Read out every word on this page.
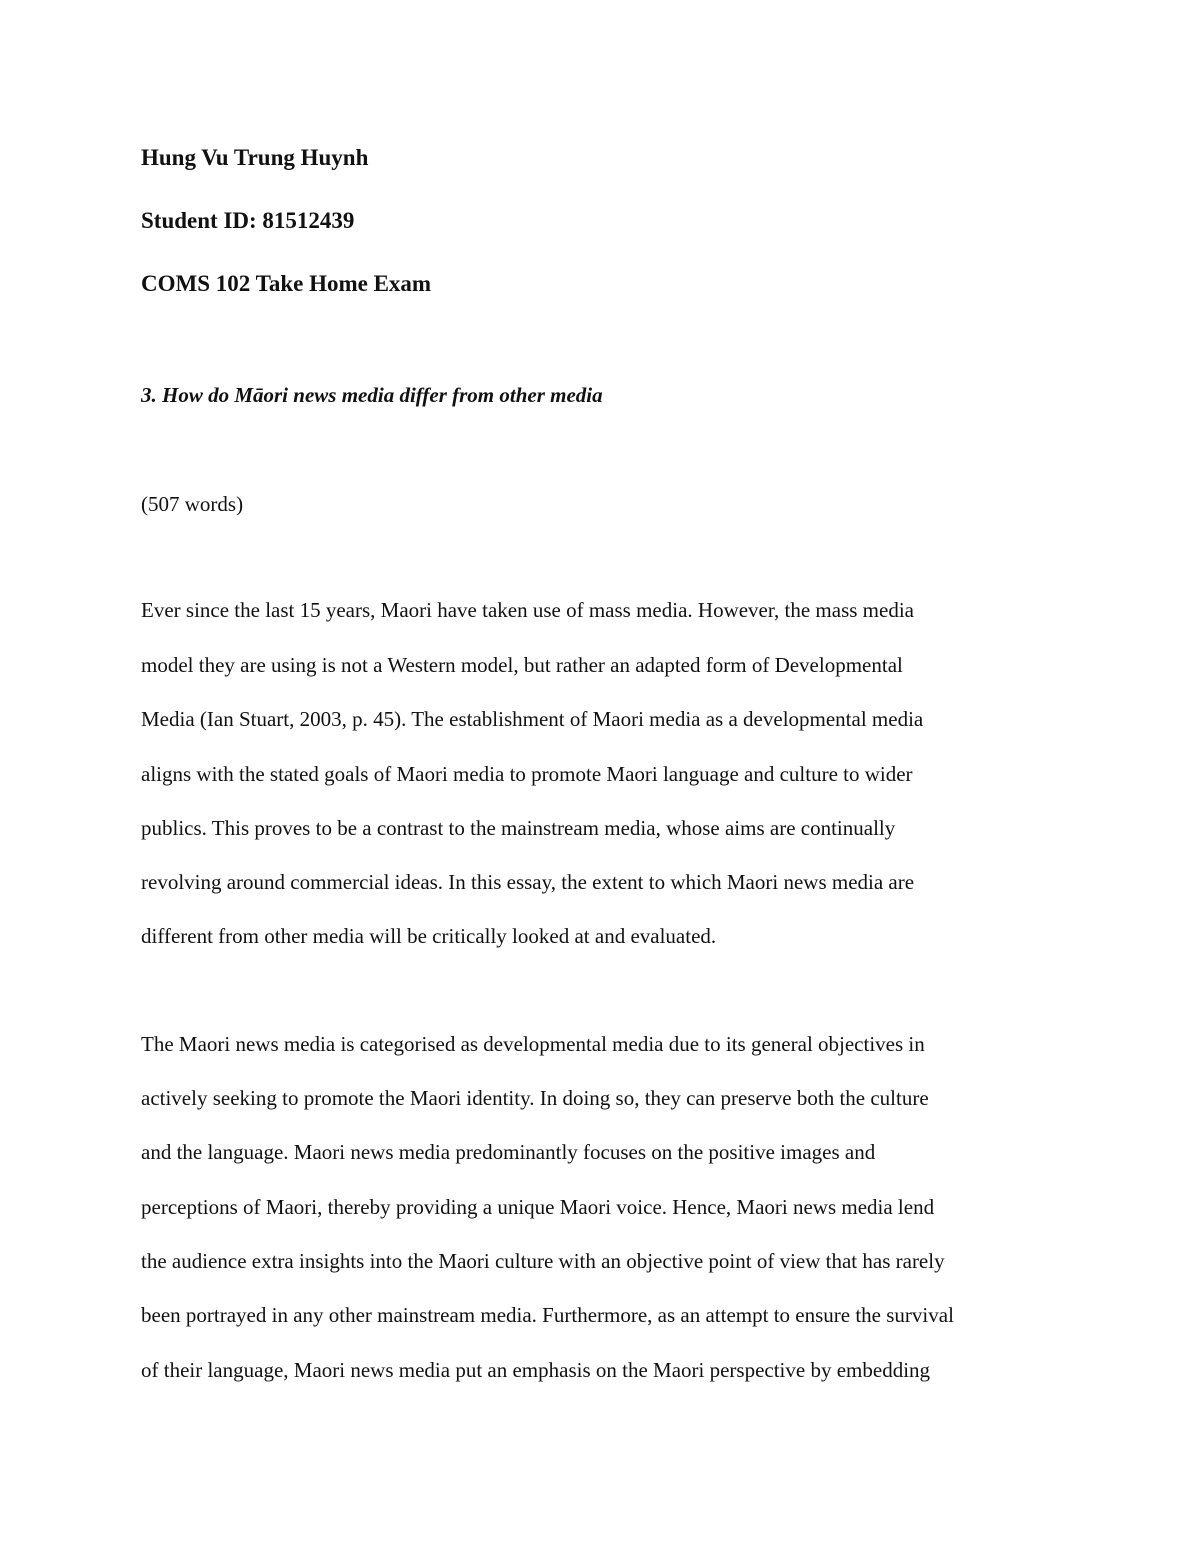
Hung Vu Trung Huynh
Student ID: 81512439
COMS 102 Take Home Exam
3. How do Māori news media differ from other media
(507 words)
Ever since the last 15 years, Maori have taken use of mass media. However, the mass media
model they are using is not a Western model, but rather an adapted form of Developmental
Media (Ian Stuart, 2003, p. 45). The establishment of Maori media as a developmental media
aligns with the stated goals of Maori media to promote Maori language and culture to wider
publics. This proves to be a contrast to the mainstream media, whose aims are continually
revolving around commercial ideas. In this essay, the extent to which Maori news media are
different from other media will be critically looked at and evaluated.
The Maori news media is categorised as developmental media due to its general objectives in
actively seeking to promote the Maori identity. In doing so, they can preserve both the culture
and the language. Maori news media predominantly focuses on the positive images and
perceptions of Maori, thereby providing a unique Maori voice. Hence, Maori news media lend
the audience extra insights into the Maori culture with an objective point of view that has rarely
been portrayed in any other mainstream media. Furthermore, as an attempt to ensure the survival
of their language, Maori news media put an emphasis on the Maori perspective by embedding
